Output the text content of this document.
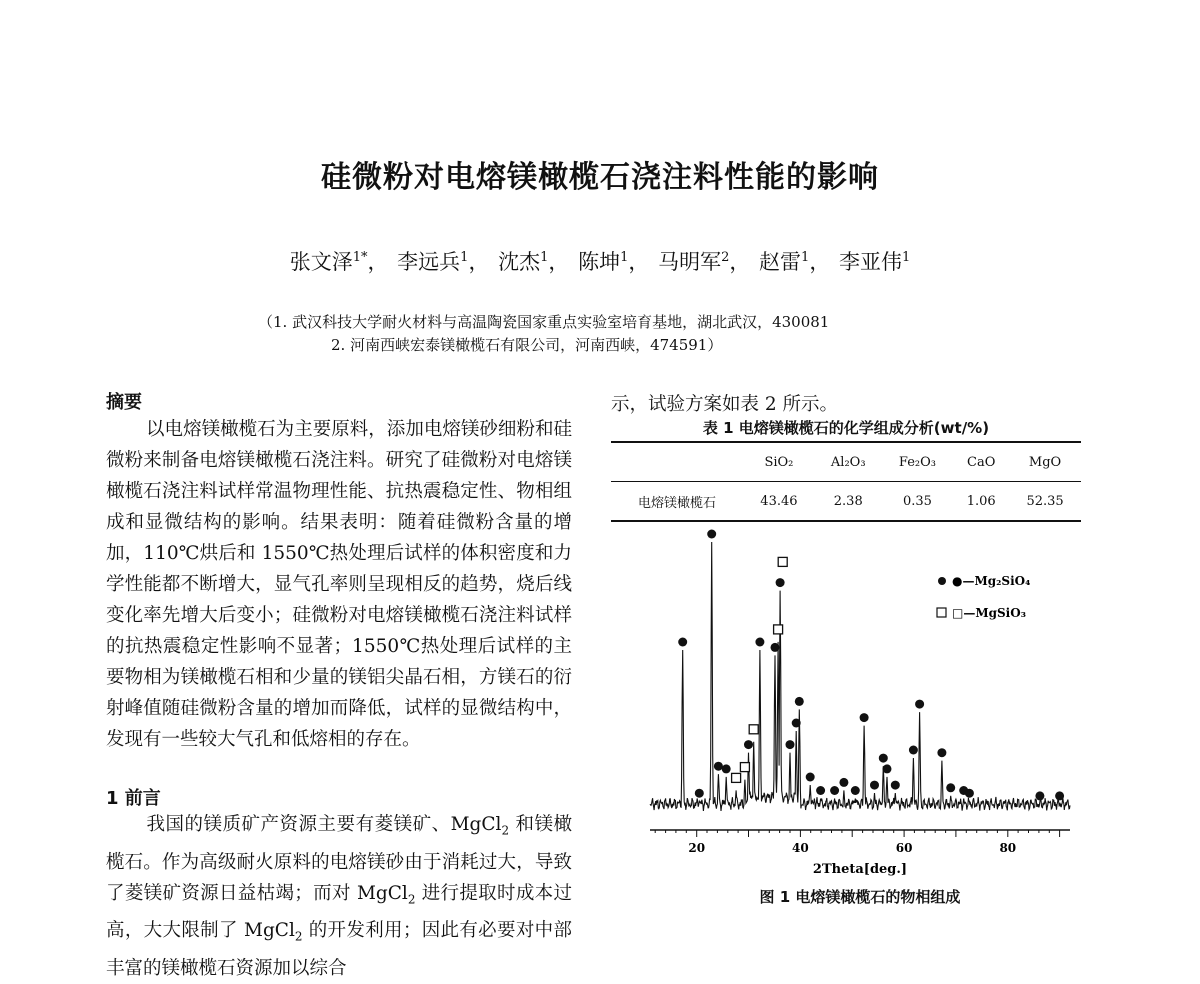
硅微粉对电熔镁橄榄石浇注料性能的影响
张文泽$^{1*}$， 李远兵$^1$， 沈杰$^1$， 陈坤$^1$， 马明军$^2$， 赵雷$^1$， 李亚伟$^1$
（1. 武汉科技大学耐火材料与高温陶瓷国家重点实验室培育基地，湖北武汉，430081
2. 河南西峡宏泰镁橄榄石有限公司，河南西峡，474591）
摘要
以电熔镁橄榄石为主要原料，添加电熔镁砂细粉和硅微粉来制备电熔镁橄榄石浇注料。研究了硅微粉对电熔镁橄榄石浇注料试样常温物理性能、抗热震稳定性、物相组成和显微结构的影响。结果表明：随着硅微粉含量的增加，110℃烘后和 1550℃热处理后试样的体积密度和力学性能都不断增大，显气孔率则呈现相反的趋势，烧后线变化率先增大后变小；硅微粉对电熔镁橄榄石浇注料试样的抗热震稳定性影响不显著；1550℃热处理后试样的主要物相为镁橄榄石相和少量的镁铝尖晶石相，方镁石的衍射峰值随硅微粉含量的增加而降低，试样的显微结构中，发现有一些较大气孔和低熔相的存在。
1 前言
我国的镁质矿产资源主要有菱镁矿、MgCl$_2$ 和镁橄榄石。作为高级耐火原料的电熔镁砂由于消耗过大，导致了菱镁矿资源日益枯竭；而对 MgCl$_2$ 进行提取时成本过高，大大限制了 MgCl$_2$ 的开发利用；因此有必要对中部丰富的镁橄榄石资源加以综合
示，试验方案如表 2 所示。
表 1 电熔镁橄榄石的化学组成分析(wt/%)
	SiO₂	Al₂O₃	Fe₂O₃	CaO	MgO
电熔镁橄榄石	43.46	2.38	0.35	1.06	52.35
20	40	60	80
2Theta[deg.]
●—Mg₂SiO₄
□—MgSiO₃
图 1 电熔镁橄榄石的物相组成
